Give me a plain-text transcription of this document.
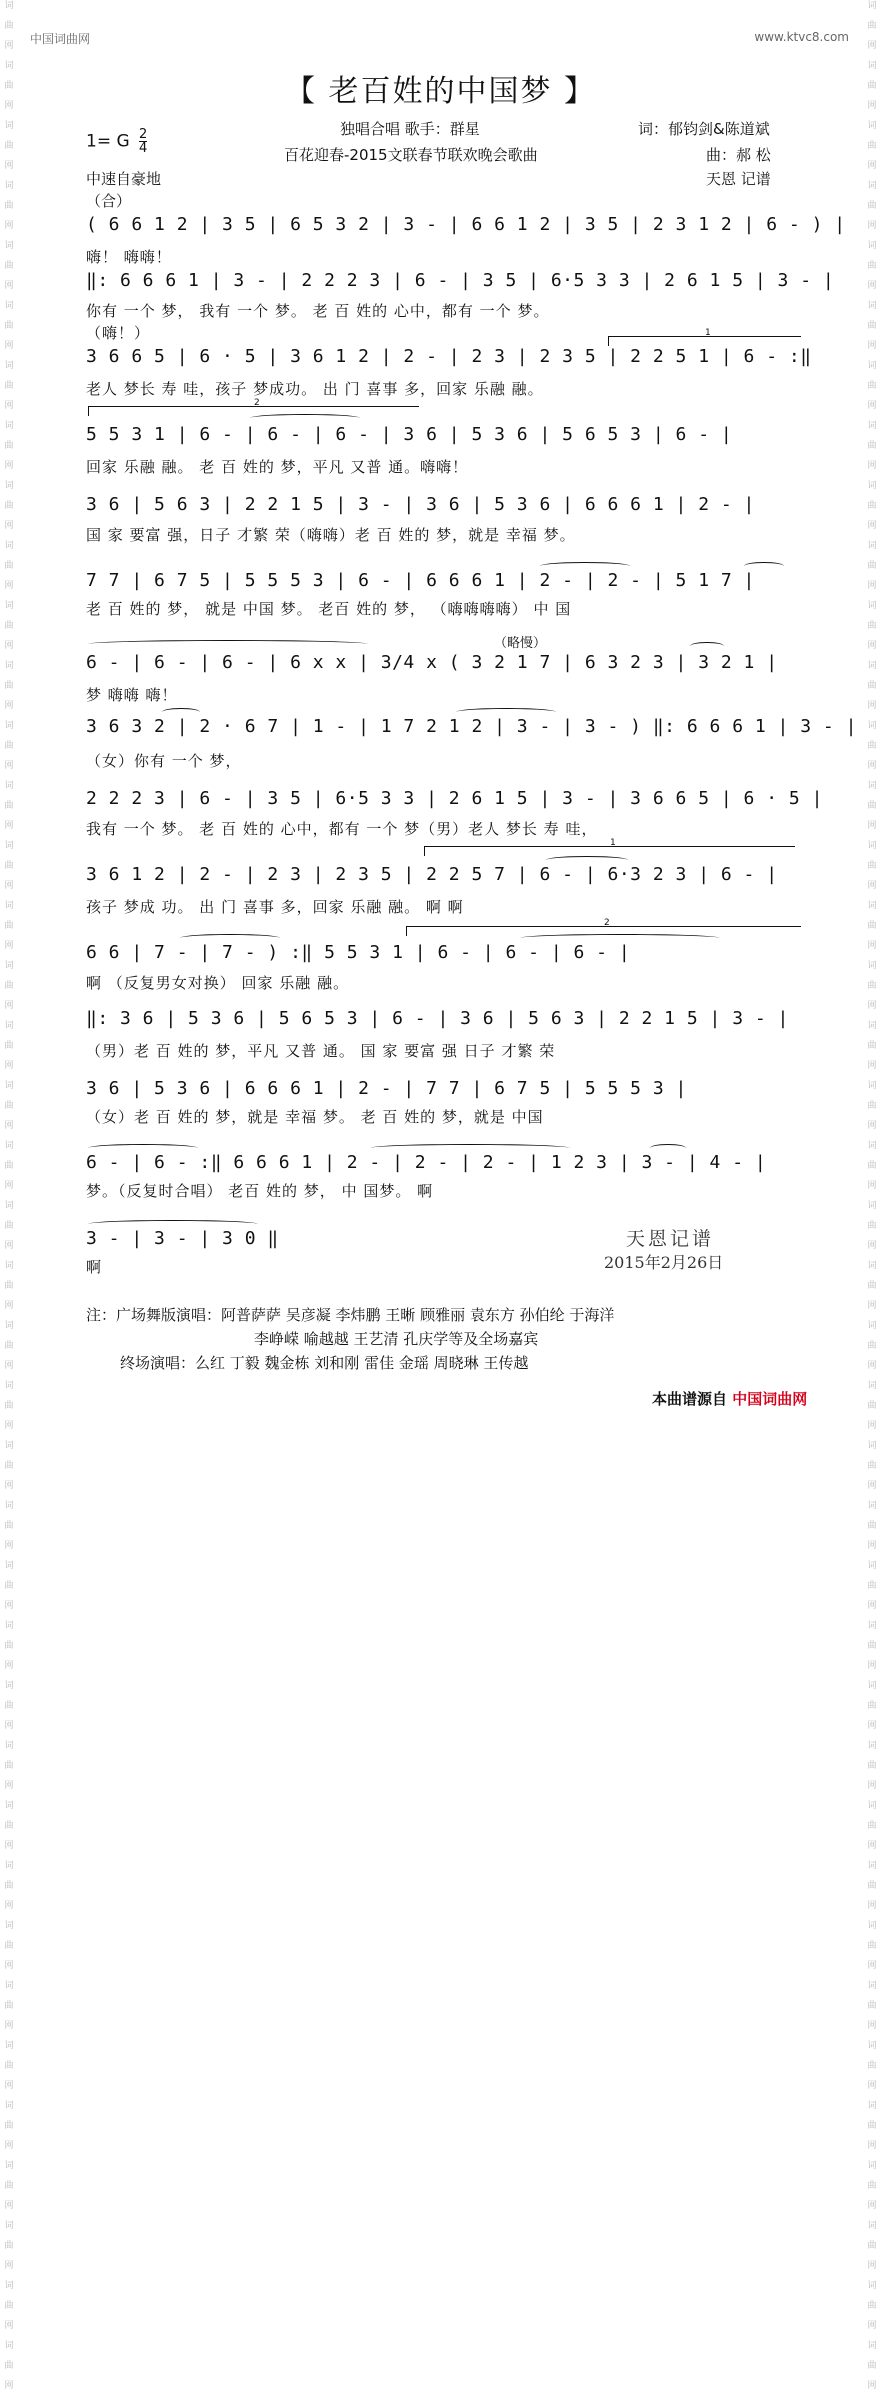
词
曲
网
词
曲
网
词
曲
网
词
曲
网
词
曲
网
词
曲
网
词
曲
网
词
曲
网
词
曲
网
词
曲
网
词
曲
网
词
曲
网
词
曲
网
词
曲
网
词
曲
网
词
曲
网
词
曲
网
词
曲
网
词
曲
网
词
曲
网
词
曲
网
词
曲
网
词
曲
网
词
曲
网
词
曲
网
词
曲
网
词
曲
网
词
曲
网
词
曲
网
词
曲
网
词
曲
网
词
曲
网
词
曲
网
词
曲
网
词
曲
网
词
曲
网
词
曲
网
词
曲
网
词
曲
网
词
曲
网
词
曲
网
词
曲
网
词
曲
网
词
曲
网
词
曲
网
词
曲
网
词
曲
网
词
曲
网
词
曲
网
词
曲
网
词
曲
网
词
曲
网
词
曲
网
词
曲
网
词
曲
网
词
曲
网
词
曲
网
词
曲
网
词
曲
网
词
曲
网
词
曲
网
词
曲
网
词
曲
网
词
曲
网
词
曲
网
词
曲
网
词
曲
网
词
曲
网
词
曲
网
词
曲
网
词
曲
网
词
曲
网
词
曲
网
词
曲
网
词
曲
网
词
曲
网
词
曲
网
词
曲
网
词
曲
网
词
曲
网
中国词曲网	www.ktvc8.com
【 老百姓的中国梦 】
独唱合唱 歌手：群星	词：郁钧剑&陈道斌
1= G $\frac{2}{4}$	百花迎春-2015文联春节联欢晚会歌曲	曲：郝 松
中速自豪地	天恩 记谱
（合）
( 6 6 1 2 | 3 5 | 6 5 3 2 | 3 - | 6 6 1 2 | 3 5 | 2 3 1 2 | 6 - ) |
嗨！ 嗨嗨！
‖: 6 6 6 1 | 3 - | 2 2 2 3 | 6 - | 3 5 | 6·5 3 3 | 2 6 1 5 | 3 - |
你有 一个 梦， 我有 一个 梦。 老 百 姓的 心中，都有 一个 梦。
（嗨！）	1
3 6 6 5 | 6 · 5 | 3 6 1 2 | 2 - | 2 3 | 2 3 5 | 2 2 5 1 | 6 - :‖
老人 梦长 寿 哇，孩子 梦成功。 出 门 喜事 多，回家 乐融 融。
2
5 5 3 1 | 6 - | 6 - | 6 - | 3 6 | 5 3 6 | 5 6 5 3 | 6 - |
回家 乐融 融。 老 百 姓的 梦，平凡 又普 通。嗨嗨！
3 6 | 5 6 3 | 2 2 1 5 | 3 - | 3 6 | 5 3 6 | 6 6 6 1 | 2 - |
国 家 要富 强，日子 才繁 荣（嗨嗨）老 百 姓的 梦，就是 幸福 梦。
7 7 | 6 7 5 | 5 5 5 3 | 6 - | 6 6 6 1 | 2 - | 2 - | 5 1 7 |
老 百 姓的 梦， 就是 中国 梦。 老百 姓的 梦， （嗨嗨嗨嗨） 中 国
（略慢）
6 - | 6 - | 6 - | 6 x x | 3/4 x ( 3 2 1 7 | 6 3 2 3 | 3 2 1 |
梦 嗨嗨 嗨！
3 6 3 2 | 2 · 6 7 | 1 - | 1 7 2 1 2 | 3 - | 3 - ) ‖: 6 6 6 1 | 3 - |
（女）你有 一个 梦，
2 2 2 3 | 6 - | 3 5 | 6·5 3 3 | 2 6 1 5 | 3 - | 3 6 6 5 | 6 · 5 |
我有 一个 梦。 老 百 姓的 心中，都有 一个 梦（男）老人 梦长 寿 哇，
1
3 6 1 2 | 2 - | 2 3 | 2 3 5 | 2 2 5 7 | 6 - | 6·3 2 3 | 6 - |
孩子 梦成 功。 出 门 喜事 多，回家 乐融 融。 啊 啊
2
6 6 | 7 - | 7 - ) :‖ 5 5 3 1 | 6 - | 6 - | 6 - |
啊 （反复男女对换） 回家 乐融 融。
‖: 3 6 | 5 3 6 | 5 6 5 3 | 6 - | 3 6 | 5 6 3 | 2 2 1 5 | 3 - |
（男）老 百 姓的 梦，平凡 又普 通。 国 家 要富 强 日子 才繁 荣
3 6 | 5 3 6 | 6 6 6 1 | 2 - | 7 7 | 6 7 5 | 5 5 5 3 |
（女）老 百 姓的 梦，就是 幸福 梦。 老 百 姓的 梦，就是 中国
6 - | 6 - :‖ 6 6 6 1 | 2 - | 2 - | 2 - | 1 2 3 | 3 - | 4 - |
梦。（反复时合唱） 老百 姓的 梦， 中 国梦。 啊
3 - | 3 - | 3 0 ‖
啊
天恩记谱
2015年2月26日
注：广场舞版演唱：阿普萨萨 吴彦凝 李炜鹏 王晰 顾雅丽 袁东方 孙伯纶 于海洋
李峥嵘 喻越越 王艺清 孔庆学等及全场嘉宾
终场演唱：么红 丁毅 魏金栋 刘和刚 雷佳 金瑶 周晓琳 王传越
本曲谱源自 中国词曲网
